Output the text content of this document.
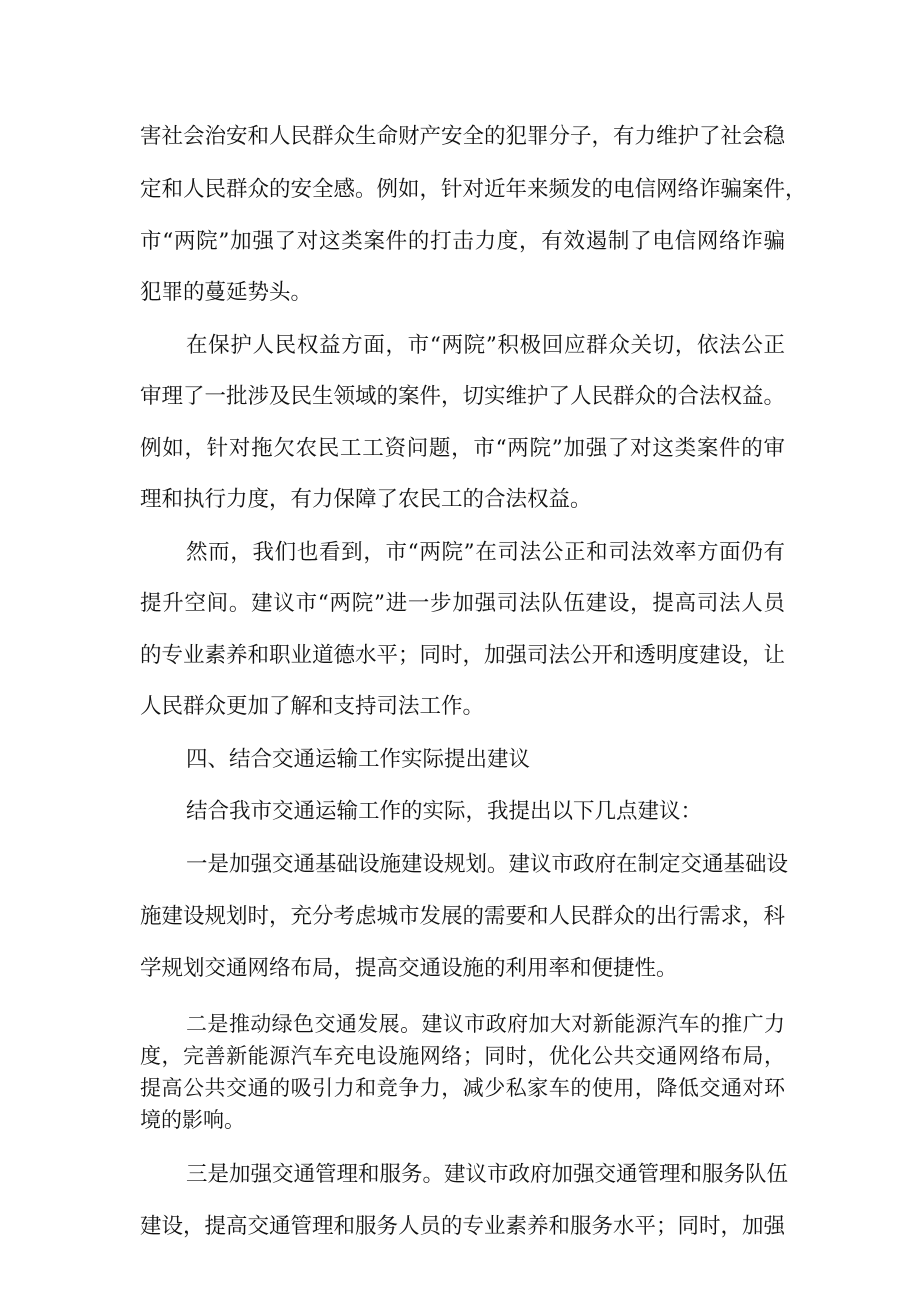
害社会治安和人民群众生命财产安全的犯罪分子，有力维护了社会稳
定和人民群众的安全感。例如，针对近年来频发的电信网络诈骗案件，
市“两院”加强了对这类案件的打击力度，有效遏制了电信网络诈骗
犯罪的蔓延势头。
在保护人民权益方面，市“两院”积极回应群众关切，依法公正
审理了一批涉及民生领域的案件，切实维护了人民群众的合法权益。
例如，针对拖欠农民工工资问题，市“两院”加强了对这类案件的审
理和执行力度，有力保障了农民工的合法权益。
然而，我们也看到，市“两院”在司法公正和司法效率方面仍有
提升空间。建议市“两院”进一步加强司法队伍建设，提高司法人员
的专业素养和职业道德水平；同时，加强司法公开和透明度建设，让
人民群众更加了解和支持司法工作。
四、结合交通运输工作实际提出建议
结合我市交通运输工作的实际，我提出以下几点建议：
一是加强交通基础设施建设规划。建议市政府在制定交通基础设
施建设规划时，充分考虑城市发展的需要和人民群众的出行需求，科
学规划交通网络布局，提高交通设施的利用率和便捷性。
二是推动绿色交通发展。建议市政府加大对新能源汽车的推广力
度，完善新能源汽车充电设施网络；同时，优化公共交通网络布局，
提高公共交通的吸引力和竞争力，减少私家车的使用，降低交通对环
境的影响。
三是加强交通管理和服务。建议市政府加强交通管理和服务队伍
建设，提高交通管理和服务人员的专业素养和服务水平；同时，加强
